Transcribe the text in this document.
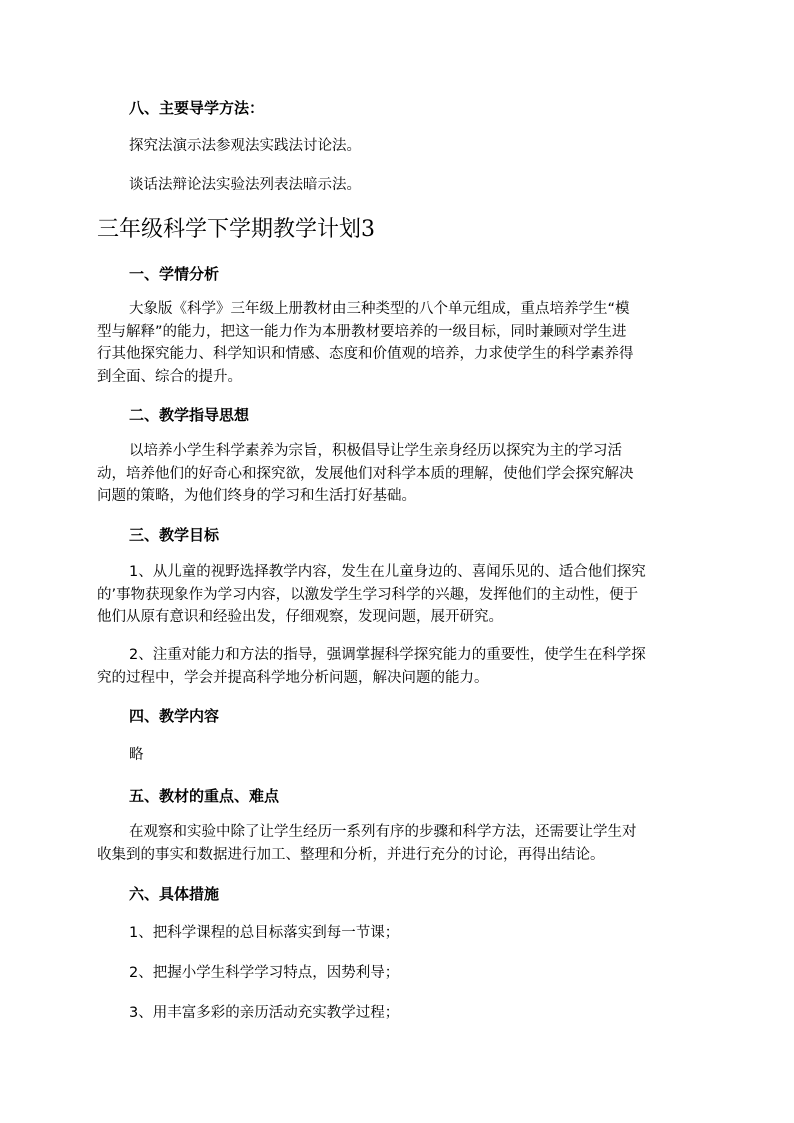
八、主要导学方法：

探究法演示法参观法实践法讨论法。

谈话法辩论法实验法列表法暗示法。

三年级科学下学期教学计划3
一、学情分析
大象版《科学》三年级上册教材由三种类型的八个单元组成，重点培养学生“模
型与解释”的能力，把这一能力作为本册教材要培养的一级目标，同时兼顾对学生进
行其他探究能力、科学知识和情感、态度和价值观的培养，力求使学生的科学素养得
到全面、综合的提升。
二、教学指导思想
以培养小学生科学素养为宗旨，积极倡导让学生亲身经历以探究为主的学习活
动，培养他们的好奇心和探究欲，发展他们对科学本质的理解，使他们学会探究解决
问题的策略，为他们终身的学习和生活打好基础。
三、教学目标
1、从儿童的视野选择教学内容，发生在儿童身边的、喜闻乐见的、适合他们探究
的’事物获现象作为学习内容，以激发学生学习科学的兴趣，发挥他们的主动性，便于
他们从原有意识和经验出发，仔细观察，发现问题，展开研究。
2、注重对能力和方法的指导，强调掌握科学探究能力的重要性，使学生在科学探
究的过程中，学会并提高科学地分析问题，解决问题的能力。
四、教学内容

略

五、教材的重点、难点
在观察和实验中除了让学生经历一系列有序的步骤和科学方法，还需要让学生对
收集到的事实和数据进行加工、整理和分析，并进行充分的讨论，再得出结论。
六、具体措施

1、把科学课程的总目标落实到每一节课；

2、把握小学生科学学习特点，因势利导；

3、用丰富多彩的亲历活动充实教学过程；
